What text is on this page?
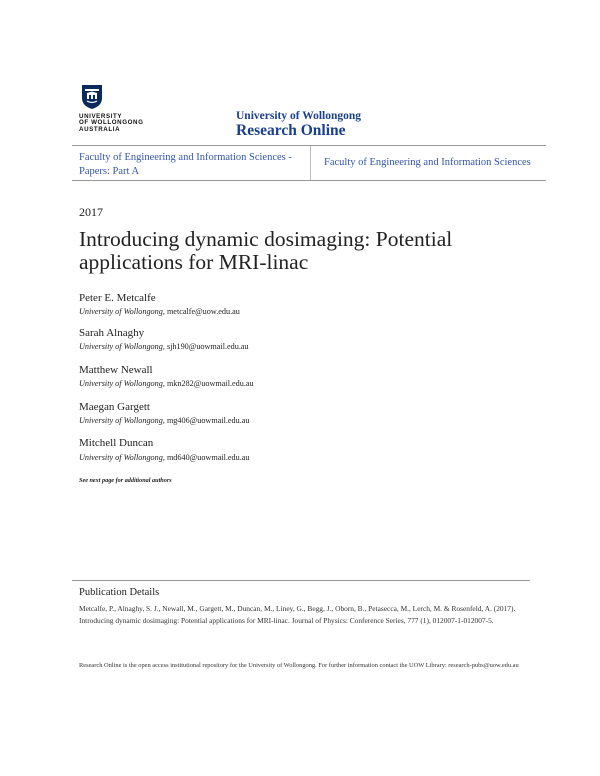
UNIVERSITY
OF WOLLONGONG
AUSTRALIA
University of Wollongong
Research Online
Faculty of Engineering and Information Sciences - Papers: Part A
Faculty of Engineering and Information Sciences
2017
Introducing dynamic dosimaging: Potential applications for MRI-linac
Peter E. Metcalfe
University of Wollongong, metcalfe@uow.edu.au
Sarah Alnaghy
University of Wollongong, sjh190@uowmail.edu.au
Matthew Newall
University of Wollongong, mkn282@uowmail.edu.au
Maegan Gargett
University of Wollongong, mg406@uowmail.edu.au
Mitchell Duncan
University of Wollongong, md640@uowmail.edu.au
See next page for additional authors
Publication Details
Metcalfe, P., Alnaghy, S. J., Newall, M., Gargett, M., Duncan, M., Liney, G., Begg, J., Oborn, B., Petasecca, M., Lerch, M. & Rosenfeld, A. (2017). Introducing dynamic dosimaging: Potential applications for MRI-linac. Journal of Physics: Conference Series, 777 (1), 012007-1-012007-5.
Research Online is the open access institutional repository for the University of Wollongong. For further information contact the UOW Library: research-pubs@uow.edu.au
